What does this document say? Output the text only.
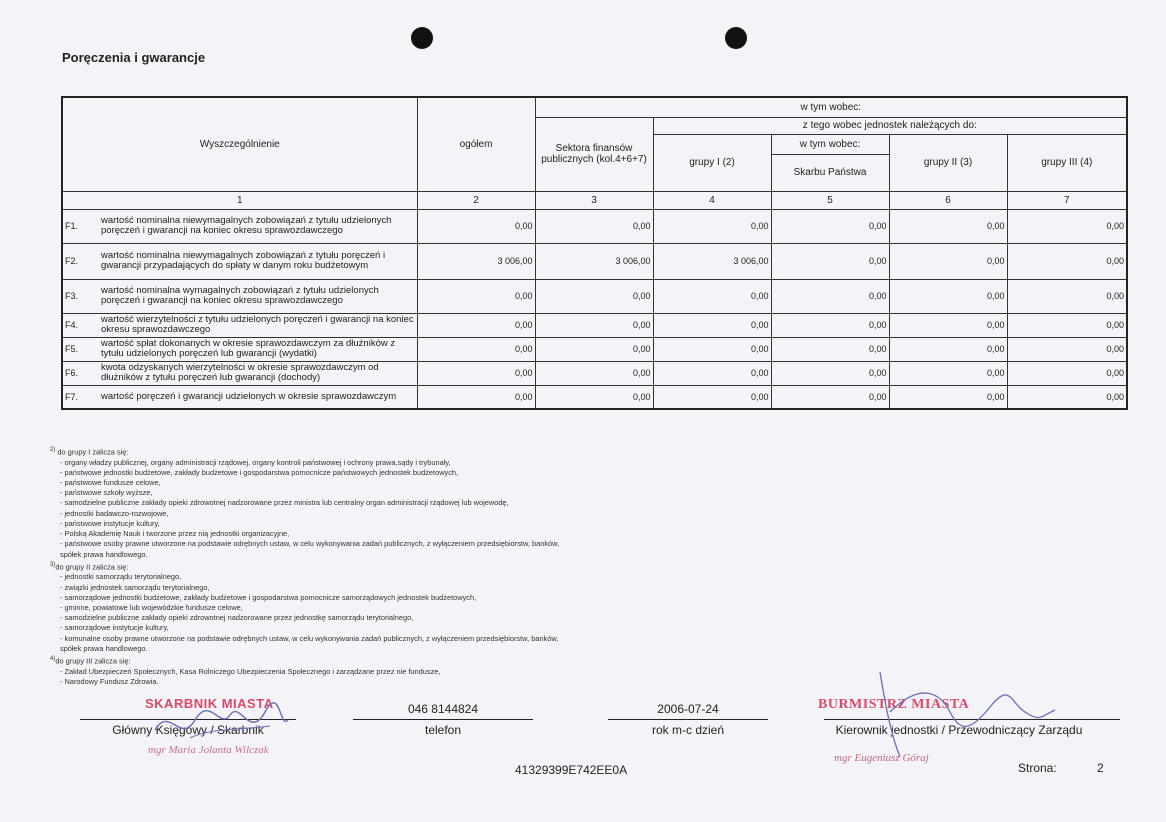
Poręczenia i gwarancje
Wyszczególnienie		ogółem	w tym wobec:				
			Sektora finansów publicznych (kol.4+6+7)	z tego wobec jednostek należących do:			
				grupy I (2)	w tym wobec:	grupy II (3)	grupy III (4)
					Skarbu Państwa		
1		2	3	4	5	6	7
F1.	wartość nominalna niewymagalnych zobowiązań z tytułu udzielonych poręczeń i gwarancji na koniec okresu sprawozdawczego	0,00	0,00	0,00	0,00	0,00	0,00
F2.	wartość nominalna niewymagalnych zobowiązań z tytułu poręczeń i gwarancji przypadających do spłaty w danym roku budżetowym	3 006,00	3 006,00	3 006,00	0,00	0,00	0,00
F3.	wartość nominalna wymagalnych zobowiązań z tytułu udzielonych poręczeń i gwarancji na koniec okresu sprawozdawczego	0,00	0,00	0,00	0,00	0,00	0,00
F4.	wartość wierzytelności z tytułu udzielonych poręczeń i gwarancji na koniec okresu sprawozdawczego	0,00	0,00	0,00	0,00	0,00	0,00
F5.	wartość spłat dokonanych w okresie sprawozdawczym za dłużników z tytułu udzielonych poręczeń lub gwarancji (wydatki)	0,00	0,00	0,00	0,00	0,00	0,00
F6.	kwota odzyskanych wierzytelności w okresie sprawozdawczym od dłużników z tytułu poręczeń lub gwarancji (dochody)	0,00	0,00	0,00	0,00	0,00	0,00
F7.	wartość poręczeń i gwarancji udzielonych w okresie sprawozdawczym	0,00	0,00	0,00	0,00	0,00	0,00
$^{2)}$ do grupy I zalicza się:
- organy władzy publicznej, organy administracji rządowej, organy kontroli państwowej i ochrony prawa,sądy i trybunały,
- państwowe jednostki budżetowe, zakłady budżetowe i gospodarstwa pomocnicze państwowych jednostek budżetowych,
- państwowe fundusze celowe,
- państwowe szkoły wyższe,
- samodzielne publiczne zakłady opieki zdrowotnej nadzorowane przez ministra lub centralny organ administracji rządowej lub wojewodę,
- jednostki badawczo-rozwojowe,
- państwowe instytucje kultury,
- Polską Akademię Nauk i tworzone przez nią jednostki organizacyjne,
- państwowe osoby prawne utworzone na podstawie odrębnych ustaw, w celu wykonywania zadań publicznych, z wyłączeniem przedsiębiorstw, banków,
spółek prawa handlowego.
$^{3)}$do grupy II zalicza się:
- jednostki samorządu terytorialnego,
- związki jednostek samorządu terytorialnego,
- samorządowe jednostki budżetowe, zakłady budżetowe i gospodarstwa pomocnicze samorządowych jednostek budżetowych,
- gminne, powiatowe lub wojewódzkie fundusze celowe,
- samodzielne publiczne zakłady opieki zdrowotnej nadzorowane przez jednostkę samorządu terytorialnego,
- samorządowe instytucje kultury,
- komunalne osoby prawne utworzone na podstawie odrębnych ustaw, w celu wykonywania zadań publicznych, z wyłączeniem przedsiębiorstw, banków,
spółek prawa handlowego.
$^{4)}$do grupy III zalicza się:
- Zakład Ubezpieczeń Społecznych, Kasa Rolniczego Ubezpieczenia Społecznego i zarządzane przez nie fundusze,
- Narodowy Fundusz Zdrowia.
SKARBNIK MIASTA
Główny Księgowy / Skarbnik
mgr Maria Jolanta Wilczak
046 8144824
telefon
2006-07-24
rok m-c dzień
BURMISTRZ MIASTA
Kierownik jednostki / Przewodniczący Zarządu
mgr Eugeniusz Góraj
41329399E742EE0A	Strona:	2
